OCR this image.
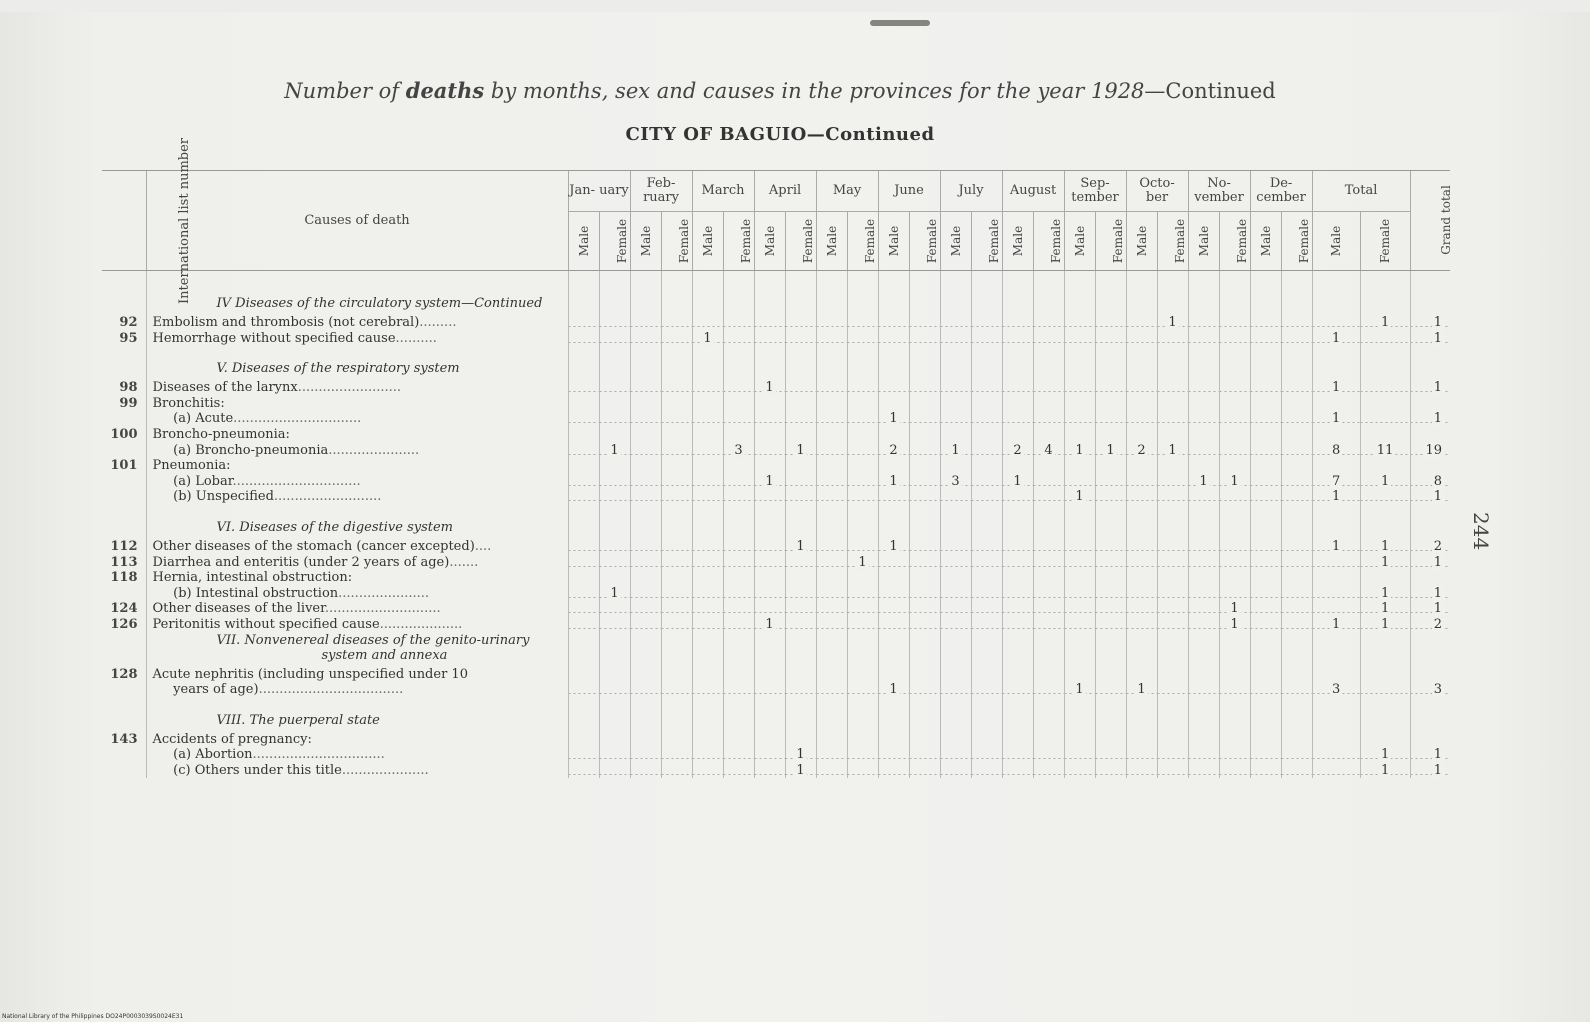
Number of deaths by months, sex and causes in the provinces for the year 1928—Continued
CITY OF BAGUIO—Continued
International list number	Causes of death	Jan- uary		Feb- ruary		March		April		May		June		July		August		Sep- tember		Octo- ber		No- vember		De- cember		Total		Grand total
		Male	Female	Male	Female	Male	Female	Male	Female	Male	Female	Male	Female	Male	Female	Male	Female	Male	Female	Male	Female	Male	Female	Male	Female	Male	Female	

	IV Diseases of the circulatory system—Continued																											
92	Embolism and thrombosis (not cerebral).........																				1						1	1
95	Hemorrhage without specified cause..........					1																				1		1
	V. Diseases of the respiratory system																											
98	Diseases of the larynx.........................							1																		1		1
99	Bronchitis:																											
	(a) Acute...............................											1														1		1
100	Broncho-pneumonia:																											
	(a) Broncho-pneumonia......................		1				3		1			2		1		2	4	1	1	2	1					8	11	19
101	Pneumonia:																											
	(a) Lobar...............................							1				1		3		1						1	1			7	1	8
	(b) Unspecified..........................																	1								1		1
	VI. Diseases of the digestive system																											
112	Other diseases of the stomach (cancer excepted)....								1			1														1	1	2
113	Diarrhea and enteritis (under 2 years of age).......										1																1	1
118	Hernia, intestinal obstruction:																											
	(b) Intestinal obstruction......................		1																								1	1
124	Other diseases of the liver............................																						1				1	1
126	Peritonitis without specified cause....................							1															1			1	1	2
	VII. Nonvenereal diseases of the genito-urinary
system and annexa																											
128	Acute nephritis (including unspecified under 10																											
	years of age)...................................											1						1		1						3		3
	VIII. The puerperal state																											
143	Accidents of pregnancy:																											
	(a) Abortion................................								1																		1	1
	(c) Others under this title.....................								1																		1	1
244
National Library of the Philippines DO24P0003039S0024E31
